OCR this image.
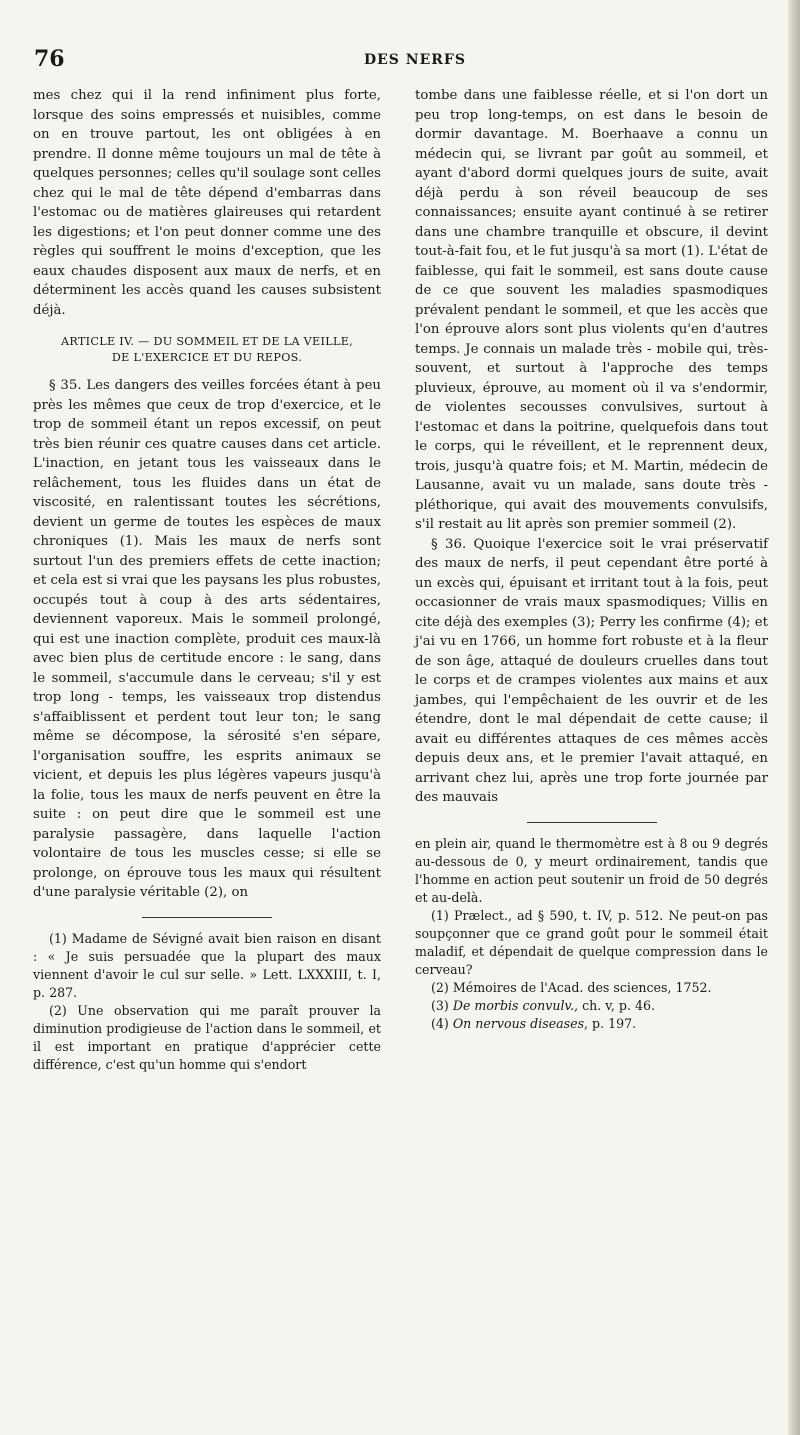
76	DES NERFS

mes chez qui il la rend infiniment plus forte, lorsque des soins empressés et nuisibles, comme on en trouve partout, les ont obligées à en prendre. Il donne même toujours un mal de tête à quelques personnes; celles qu'il soulage sont celles chez qui le mal de tête dépend d'embarras dans l'estomac ou de matières glaireuses qui retardent les digestions; et l'on peut donner comme une des règles qui souffrent le moins d'exception, que les eaux chaudes disposent aux maux de nerfs, et en déterminent les accès quand les causes subsistent déjà.

ARTICLE IV. — DU SOMMEIL ET DE LA VEILLE,
DE L'EXERCICE ET DU REPOS.

§ 35. Les dangers des veilles forcées étant à peu près les mêmes que ceux de trop d'exercice, et le trop de sommeil étant un repos excessif, on peut très bien réunir ces quatre causes dans cet article. L'inaction, en jetant tous les vaisseaux dans le relâchement, tous les fluides dans un état de viscosité, en ralentissant toutes les sécrétions, devient un germe de toutes les espèces de maux chroniques (1). Mais les maux de nerfs sont surtout l'un des premiers effets de cette inaction; et cela est si vrai que les paysans les plus robustes, occupés tout à coup à des arts sédentaires, deviennent vaporeux. Mais le sommeil prolongé, qui est une inaction complète, produit ces maux-là avec bien plus de certitude encore : le sang, dans le sommeil, s'accumule dans le cerveau; s'il y est trop long - temps, les vaisseaux trop distendus s'affaiblissent et perdent tout leur ton; le sang même se décompose, la sérosité s'en sépare, l'organisation souffre, les esprits animaux se vicient, et depuis les plus légères vapeurs jusqu'à la folie, tous les maux de nerfs peuvent en être la suite : on peut dire que le sommeil est une paralysie passagère, dans laquelle l'action volontaire de tous les muscles cesse; si elle se prolonge, on éprouve tous les maux qui résultent d'une paralysie véritable (2), on

(1) Madame de Sévigné avait bien raison en disant : « Je suis persuadée que la plupart des maux viennent d'avoir le cul sur selle. » Lett. LXXXIII, t. I, p. 287.

(2) Une observation qui me paraît prouver la diminution prodigieuse de l'action dans le sommeil, et il est important en pratique d'apprécier cette différence, c'est qu'un homme qui s'endort

tombe dans une faiblesse réelle, et si l'on dort un peu trop long-temps, on est dans le besoin de dormir davantage. M. Boerhaave a connu un médecin qui, se livrant par goût au sommeil, et ayant d'abord dormi quelques jours de suite, avait déjà perdu à son réveil beaucoup de ses connaissances; ensuite ayant continué à se retirer dans une chambre tranquille et obscure, il devint tout-à-fait fou, et le fut jusqu'à sa mort (1). L'état de faiblesse, qui fait le sommeil, est sans doute cause de ce que souvent les maladies spasmodiques prévalent pendant le sommeil, et que les accès que l'on éprouve alors sont plus violents qu'en d'autres temps. Je connais un malade très - mobile qui, très-souvent, et surtout à l'approche des temps pluvieux, éprouve, au moment où il va s'endormir, de violentes secousses convulsives, surtout à l'estomac et dans la poitrine, quelquefois dans tout le corps, qui le réveillent, et le reprennent deux, trois, jusqu'à quatre fois; et M. Martin, médecin de Lausanne, avait vu un malade, sans doute très - pléthorique, qui avait des mouvements convulsifs, s'il restait au lit après son premier sommeil (2).

§ 36. Quoique l'exercice soit le vrai préservatif des maux de nerfs, il peut cependant être porté à un excès qui, épuisant et irritant tout à la fois, peut occasionner de vrais maux spasmodiques; Villis en cite déjà des exemples (3); Perry les confirme (4); et j'ai vu en 1766, un homme fort robuste et à la fleur de son âge, attaqué de douleurs cruelles dans tout le corps et de crampes violentes aux mains et aux jambes, qui l'empêchaient de les ouvrir et de les étendre, dont le mal dépendait de cette cause; il avait eu différentes attaques de ces mêmes accès depuis deux ans, et le premier l'avait attaqué, en arrivant chez lui, après une trop forte journée par des mauvais

en plein air, quand le thermomètre est à 8 ou 9 degrés au-dessous de 0, y meurt ordinairement, tandis que l'homme en action peut soutenir un froid de 50 degrés et au-delà.

(1) Prælect., ad § 590, t. IV, p. 512. Ne peut-on pas soupçonner que ce grand goût pour le sommeil était maladif, et dépendait de quelque compression dans le cerveau?

(2) Mémoires de l'Acad. des sciences, 1752.

(3) De morbis convulv., ch. v, p. 46.

(4) On nervous diseases, p. 197.
